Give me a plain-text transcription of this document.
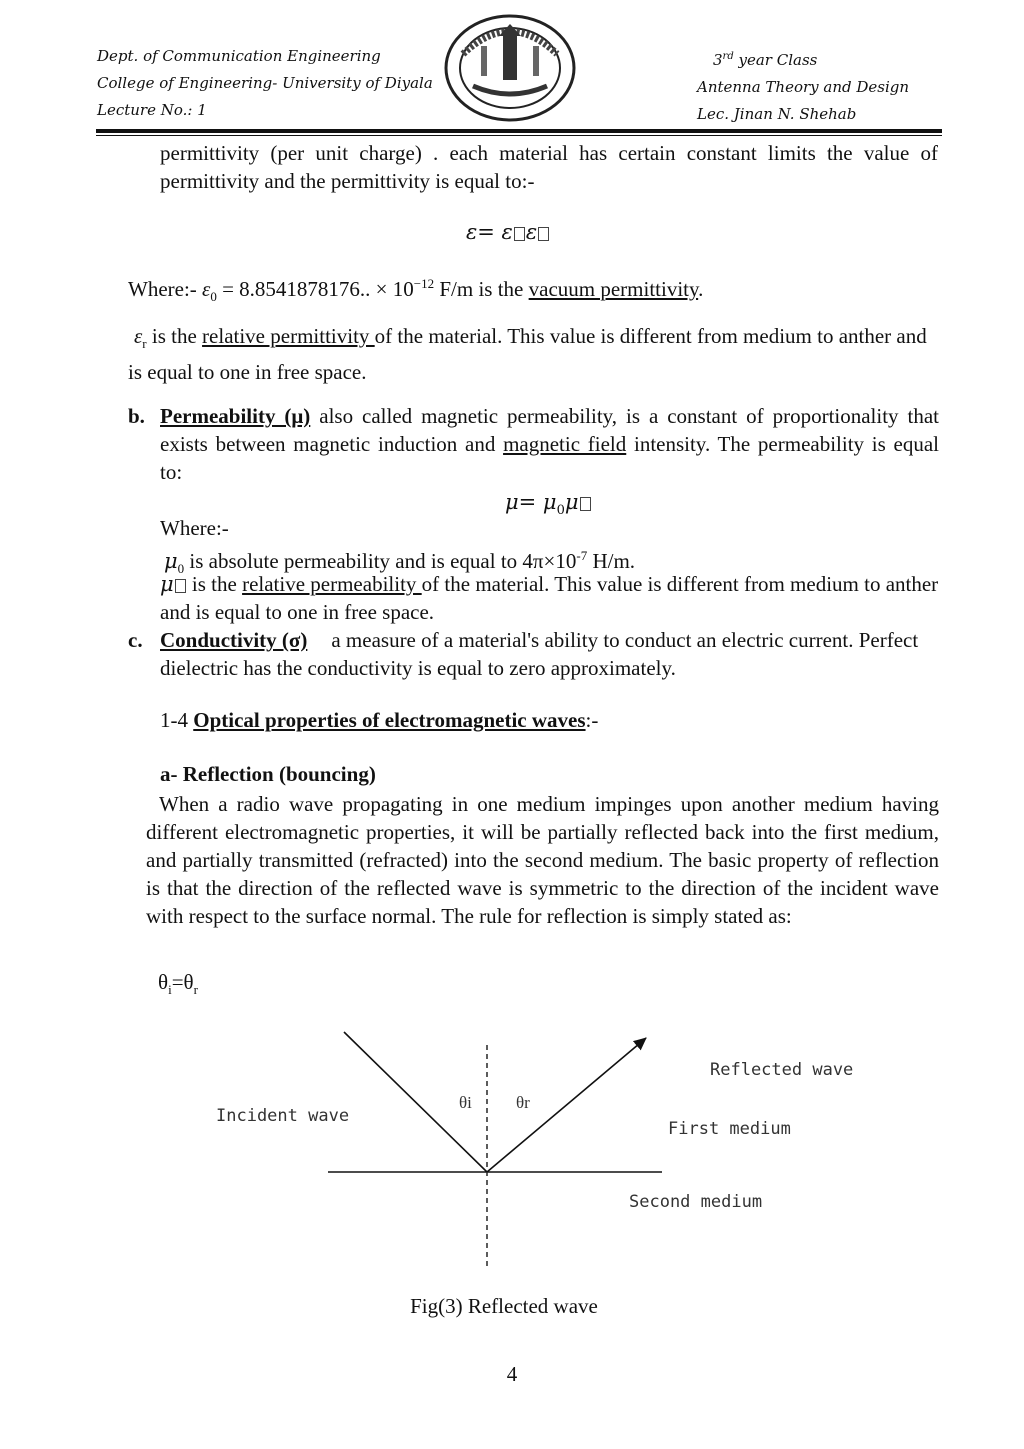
Dept. of Communication Engineering
College of Engineering- University of Diyala
Lecture No.: 1
3rd year Class
Antenna Theory and Design
Lec. Jinan N. Shehab

permittivity (per unit charge) . each material has certain constant limits the value of permittivity and the permittivity is equal to:-

ε= ε ε

Where:- $\varepsilon_0 = 8.8541878176$.. × $10^{-12}$ F/m is the vacuum permittivity.

$\varepsilon_r$ is the relative permittivity of the material. This value is different from medium to anther and is equal to one in free space.

b. Permeability (μ) also called magnetic permeability, is a constant of proportionality that exists between magnetic induction and magnetic field intensity. The permeability is equal to:

$\mu= \mu_0\mu$
Where:-

$\mu_0$ is absolute permeability and is equal to $4\pi\times 10^{-7}$ H/m.

μ is the relative permeability of the material. This value is different from medium to anther and is equal to one in free space.

c. Conductivity (σ) a measure of a material's ability to conduct an electric current. Perfect dielectric has the conductivity is equal to zero approximately.

1-4 Optical properties of electromagnetic waves:-

a- Reflection (bouncing)

When a radio wave propagating in one medium impinges upon another medium having different electromagnetic properties, it will be partially reflected back into the first medium, and partially transmitted (refracted) into the second medium. The basic property of reflection is that the direction of the reflected wave is symmetric to the direction of the incident wave with respect to the surface normal. The rule for reflection is simply stated as:

$\theta_i=\theta_r$

Reflected wave
Incident wave
First medium
Second medium
θi	θr

Fig(3) Reflected wave

4
